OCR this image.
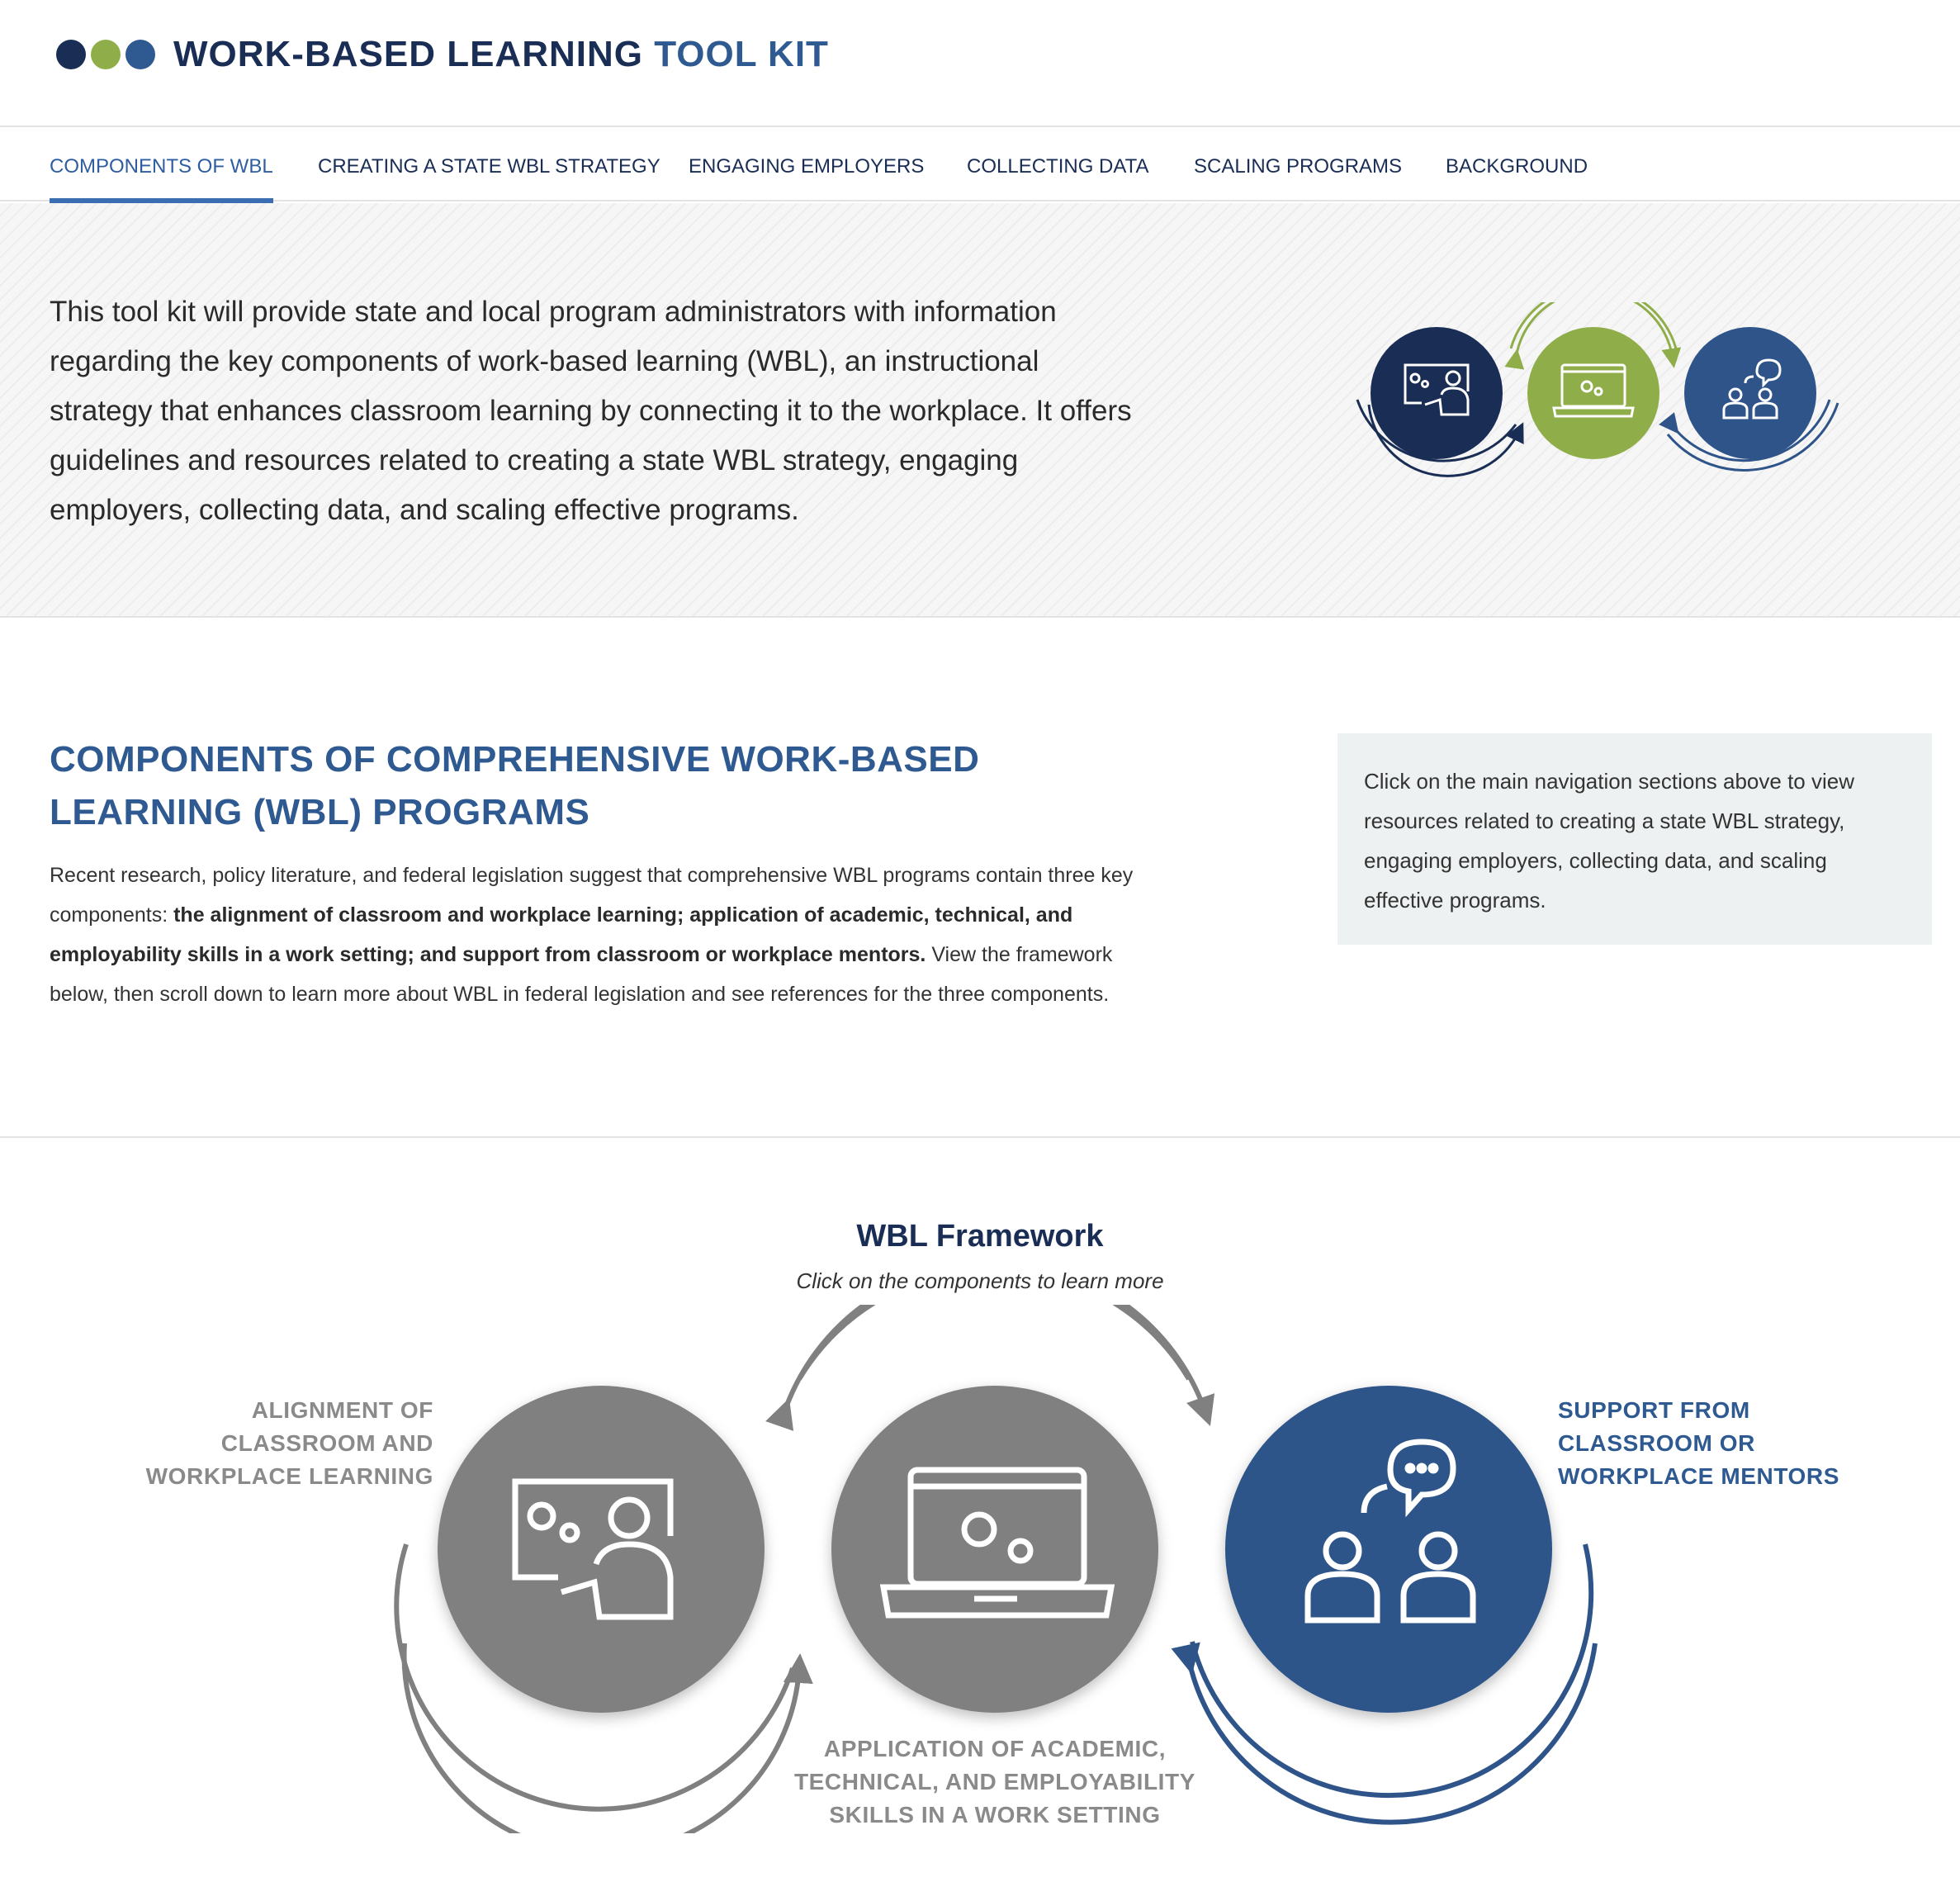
WORK-BASED LEARNING TOOL KIT
COMPONENTS OF WBL CREATING A STATE WBL STRATEGY ENGAGING EMPLOYERS COLLECTING DATA SCALING PROGRAMS BACKGROUND

This tool kit will provide state and local program administrators with information regarding the key components of work-based learning (WBL), an instructional strategy that enhances classroom learning by connecting it to the workplace. It offers guidelines and resources related to creating a state WBL strategy, engaging employers, collecting data, and scaling effective programs.

COMPONENTS OF COMPREHENSIVE WORK-BASED LEARNING (WBL) PROGRAMS

Recent research, policy literature, and federal legislation suggest that comprehensive WBL programs contain three key components: the alignment of classroom and workplace learning; application of academic, technical, and employability skills in a work setting; and support from classroom or workplace mentors. View the framework below, then scroll down to learn more about WBL in federal legislation and see references for the three components.

Click on the main navigation sections above to view resources related to creating a state WBL strategy, engaging employers, collecting data, and scaling effective programs.

WBL Framework

Click on the components to learn more

ALIGNMENT OF
CLASSROOM AND
WORKPLACE LEARNING
APPLICATION OF ACADEMIC,
TECHNICAL, AND EMPLOYABILITY
SKILLS IN A WORK SETTING
SUPPORT FROM
CLASSROOM OR
WORKPLACE MENTORS
